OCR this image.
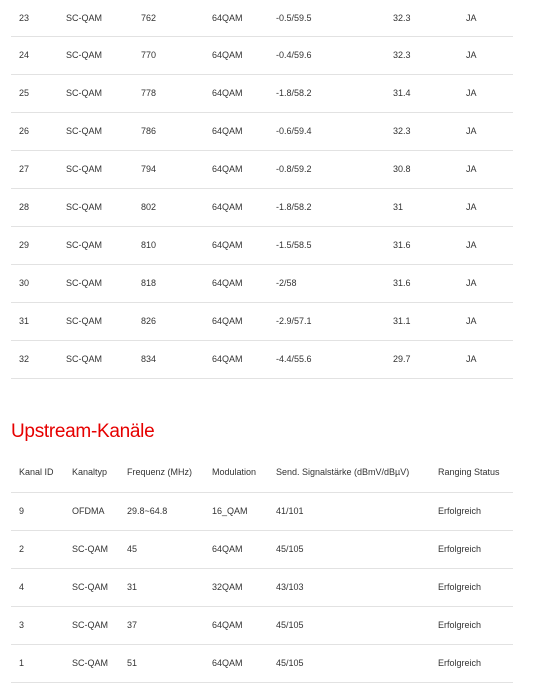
23	SC-QAM	762	64QAM	-0.5/59.5	32.3	JA
24	SC-QAM	770	64QAM	-0.4/59.6	32.3	JA
25	SC-QAM	778	64QAM	-1.8/58.2	31.4	JA
26	SC-QAM	786	64QAM	-0.6/59.4	32.3	JA
27	SC-QAM	794	64QAM	-0.8/59.2	30.8	JA
28	SC-QAM	802	64QAM	-1.8/58.2	31	JA
29	SC-QAM	810	64QAM	-1.5/58.5	31.6	JA
30	SC-QAM	818	64QAM	-2/58	31.6	JA
31	SC-QAM	826	64QAM	-2.9/57.1	31.1	JA
32	SC-QAM	834	64QAM	-4.4/55.6	29.7	JA
Upstream-Kanäle
Kanal ID	Kanaltyp	Frequenz (MHz)	Modulation	Send. Signalstärke (dBmV/dBµV)	Ranging Status
9	OFDMA	29.8~64.8	16_QAM	41/101	Erfolgreich
2	SC-QAM	45	64QAM	45/105	Erfolgreich
4	SC-QAM	31	32QAM	43/103	Erfolgreich
3	SC-QAM	37	64QAM	45/105	Erfolgreich
1	SC-QAM	51	64QAM	45/105	Erfolgreich
